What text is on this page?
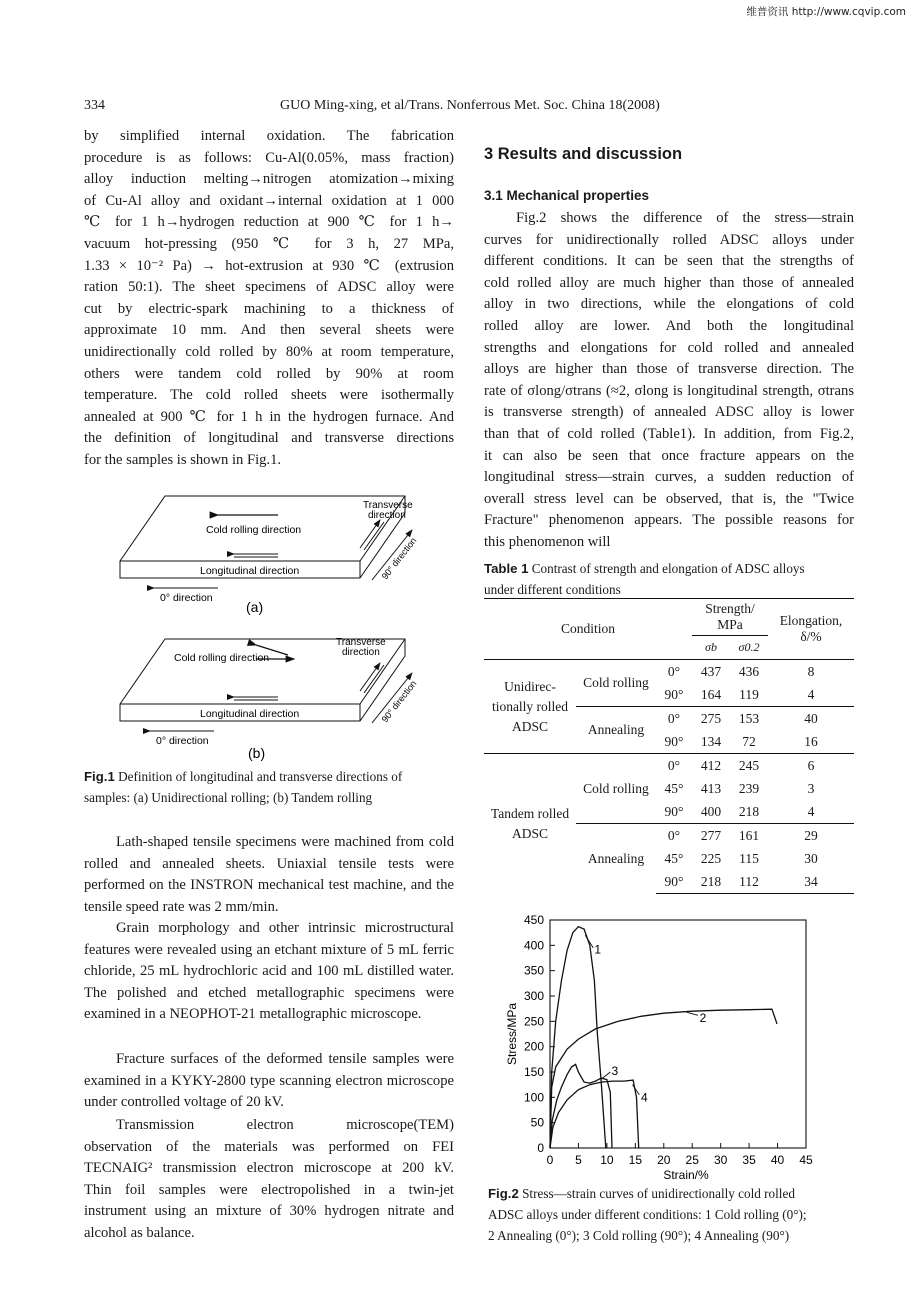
维普资讯 http://www.cqvip.com
334	GUO Ming-xing, et al/Trans. Nonferrous Met. Soc. China 18(2008)
by simplified internal oxidation. The fabrication
procedure is as follows: Cu-Al(0.05%, mass fraction)
alloy induction melting→nitrogen atomization→mixing
of Cu-Al alloy and oxidant→internal oxidation at 1 000
℃ for 1 h→hydrogen reduction at 900 ℃ for 1 h→
vacuum hot-pressing (950 ℃ for 3 h, 27 MPa,
1.33 × 10⁻² Pa) → hot-extrusion at 930 ℃ (extrusion
ration 50:1). The sheet specimens of ADSC alloy were
cut by electric-spark machining to a thickness of
approximate 10 mm. And then several sheets were
unidirectionally cold rolled by 80% at room temperature,
others were tandem cold rolled by 90% at room
temperature. The cold rolled sheets were isothermally
annealed at 900 ℃ for 1 h in the hydrogen furnace. And
the definition of longitudinal and transverse directions
for the samples is shown in Fig.1.
Transverse
direction
Cold rolling direction
Longitudinal direction
0° direction
90° direction
(a)
Transverse
direction
Cold rolling direction
Longitudinal direction
0° direction
90° direction
(b)

Fig.1 Definition of longitudinal and transverse directions of
samples: (a) Unidirectional rolling; (b) Tandem rolling

Lath-shaped tensile specimens were machined from cold rolled and annealed sheets. Uniaxial tensile tests were performed on the INSTRON mechanical test machine, and the tensile speed rate was 2 mm/min.

Grain morphology and other intrinsic microstructural features were revealed using an etchant mixture of 5 mL ferric chloride, 25 mL hydrochloric acid and 100 mL distilled water. The polished and etched metallographic specimens were examined in a NEOPHOT-21 metallographic microscope.

Fracture surfaces of the deformed tensile samples were examined in a KYKY-2800 type scanning electron microscope under controlled voltage of 20 kV.

Transmission electron microscope(TEM)
observation of the materials was performed on FEI
TECNAIG² transmission electron microscope at 200 kV.
Thin foil samples were electropolished in a twin-jet
instrument using an mixture of 30% hydrogen nitrate and
alcohol as balance.
3 Results and discussion
3.1 Mechanical properties
Fig.2 shows the difference of the stress—strain
curves for unidirectionally rolled ADSC alloys under
different conditions. It can be seen that the strengths of
cold rolled alloy are much higher than those of annealed
alloy in two directions, while the elongations of cold
rolled alloy are lower. And both the longitudinal
strengths and elongations for cold rolled and annealed
alloys are higher than those of transverse direction. The
rate of σlong/σtrans (≈2, σlong is longitudinal strength, σtrans
is transverse strength) of annealed ADSC alloy is lower
than that of cold rolled (Table1). In addition, from Fig.2,
it can also be seen that once fracture appears on the
longitudinal stress—strain curves, a sudden reduction of
overall stress level can be observed, that is, the "Twice
Fracture" phenomenon appears. The possible reasons for
this phenomenon will

Table 1 Contrast of strength and elongation of ADSC alloys
under different conditions

Condition			Strength/
MPa		Elongation,
δ/%
			σb	σ0.2	
Unidirec-
tionally rolled
ADSC	Cold rolling	0°	437	436	8
		90°	164	119	4
	Annealing	0°	275	153	40
		90°	134	72	16
Tandem rolled
ADSC	Cold rolling	0°	412	245	6
		45°	413	239	3
		90°	400	218	4
	Annealing	0°	277	161	29
		45°	225	115	30
		90°	218	112	34
0
50
100
150
200
250
300
350
400
450
0 5 10 15 20 25 30 35 40 45
Strain/%
Stress/MPa
1
2
3
4

Fig.2 Stress—strain curves of unidirectionally cold rolled
ADSC alloys under different conditions: 1 Cold rolling (0°);
2 Annealing (0°); 3 Cold rolling (90°); 4 Annealing (90°)
